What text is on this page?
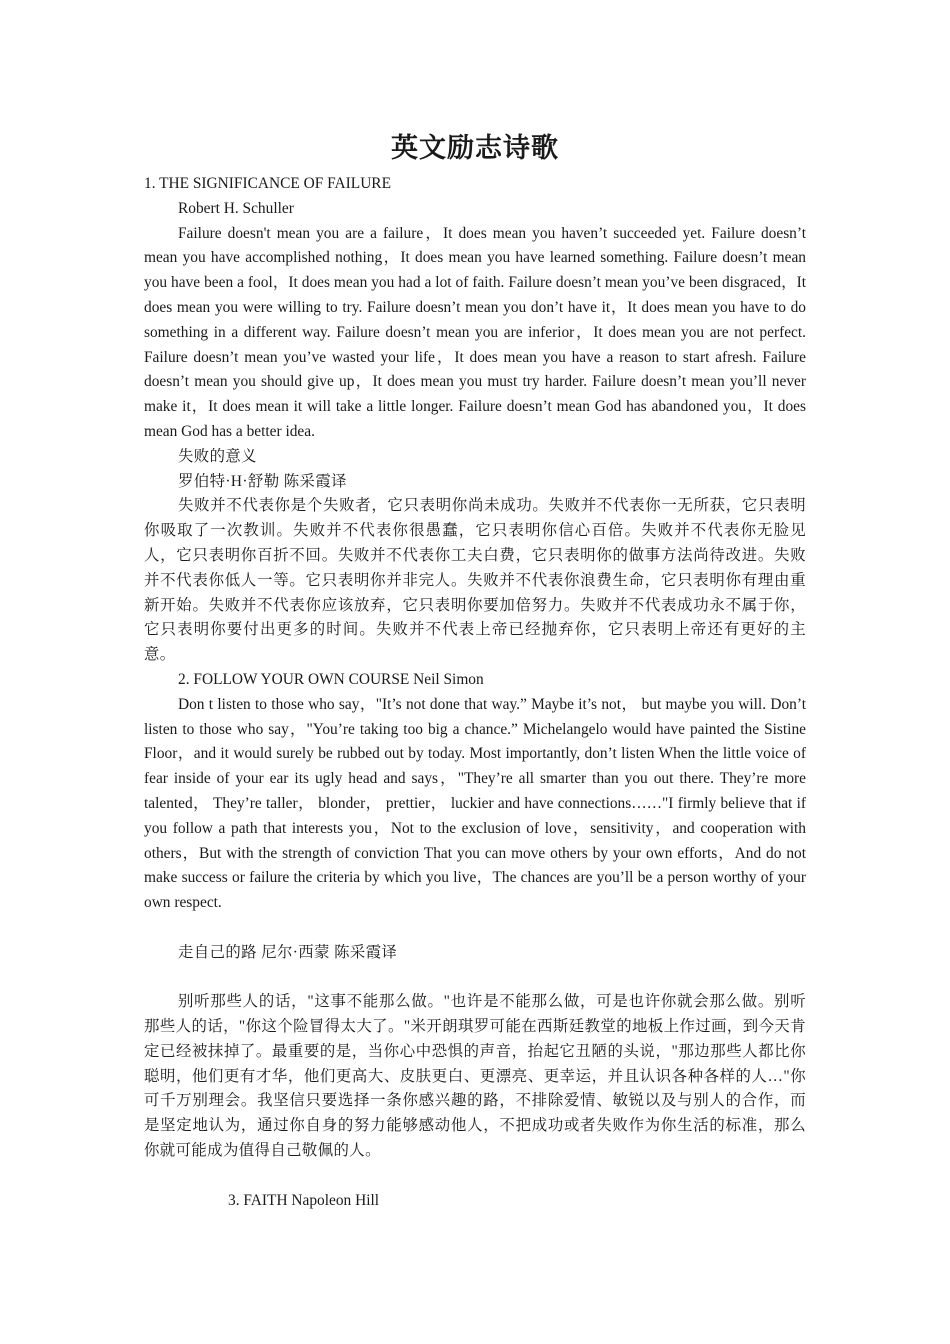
英文励志诗歌

1. THE SIGNIFICANCE OF FAILURE

Robert H. Schuller

Failure doesn't mean you are a failure，It does mean you haven’t succeeded yet. Failure doesn’t mean you have accomplished nothing，It does mean you have learned something. Failure doesn’t mean you have been a fool，It does mean you had a lot of faith. Failure doesn’t mean you’ve been disgraced，It does mean you were willing to try. Failure doesn’t mean you don’t have it，It does mean you have to do something in a different way. Failure doesn’t mean you are inferior，It does mean you are not perfect. Failure doesn’t mean you’ve wasted your life，It does mean you have a reason to start afresh. Failure doesn’t mean you should give up，It does mean you must try harder. Failure doesn’t mean you’ll never make it，It does mean it will take a little longer. Failure doesn’t mean God has abandoned you，It does mean God has a better idea.

失败的意义

罗伯特·H·舒勒 陈采霞译

失败并不代表你是个失败者，它只表明你尚未成功。失败并不代表你一无所获，它只表明你吸取了一次教训。失败并不代表你很愚蠢，它只表明你信心百倍。失败并不代表你无脸见人，它只表明你百折不回。失败并不代表你工夫白费，它只表明你的做事方法尚待改进。失败并不代表你低人一等。它只表明你并非完人。失败并不代表你浪费生命，它只表明你有理由重新开始。失败并不代表你应该放弃，它只表明你要加倍努力。失败并不代表成功永不属于你，它只表明你要付出更多的时间。失败并不代表上帝已经抛弃你，它只表明上帝还有更好的主意。

2. FOLLOW YOUR OWN COURSE Neil Simon

Don t listen to those who say，"It’s not done that way.” Maybe it’s not， but maybe you will. Don’t listen to those who say，"You’re taking too big a chance.” Michelangelo would have painted the Sistine Floor，and it would surely be rubbed out by today. Most importantly, don’t listen When the little voice of fear inside of your ear its ugly head and says，"They’re all smarter than you out there. They’re more talented， They’re taller， blonder， prettier， luckier and have connections……"I firmly believe that if you follow a path that interests you，Not to the exclusion of love，sensitivity，and cooperation with others，But with the strength of conviction That you can move others by your own efforts，And do not make success or failure the criteria by which you live，The chances are you’ll be a person worthy of your own respect.

走自己的路 尼尔·西蒙 陈采霞译

别听那些人的话，"这事不能那么做。"也许是不能那么做，可是也许你就会那么做。别听那些人的话，"你这个险冒得太大了。"米开朗琪罗可能在西斯廷教堂的地板上作过画，到今天肯定已经被抹掉了。最重要的是，当你心中恐惧的声音，抬起它丑陋的头说，"那边那些人都比你聪明，他们更有才华，他们更高大、皮肤更白、更漂亮、更幸运，并且认识各种各样的人…"你可千万别理会。我坚信只要选择一条你感兴趣的路，不排除爱情、敏锐以及与别人的合作，而是坚定地认为，通过你自身的努力能够感动他人，不把成功或者失败作为你生活的标准，那么你就可能成为值得自己敬佩的人。

3. FAITH Napoleon Hill
